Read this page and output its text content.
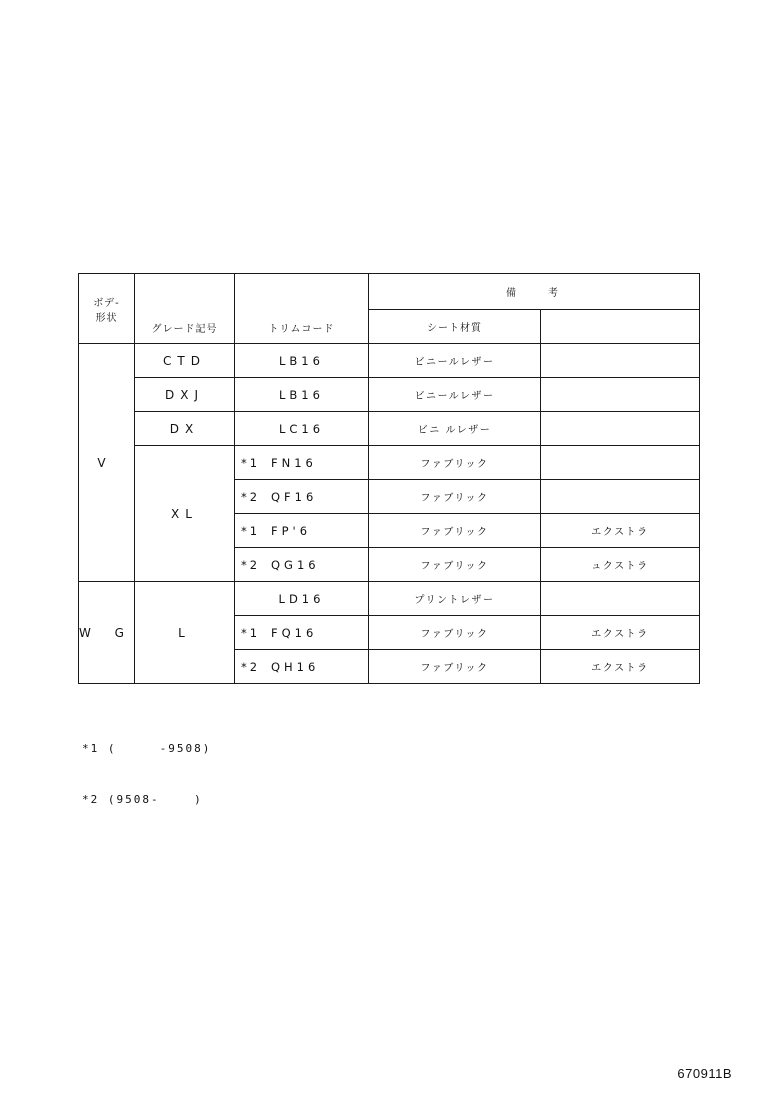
ボデ-
形状	グレード記号	トリムコード	備　　考	
			シート材質	
V	CTD	LB16	ビニールレザー	
	DXJ	LB16	ビニールレザー	
	DX	LC16	ビニ ルレザー	
	XL	*1 FN16	ファブリック	
		*2 QF16	ファブリック	
		*1 FP'6	ファブリック	エクストラ
		*2 QG16	ファブリック	ュクストラ
W G	L	LD16	プリントレザー	
		*1 FQ16	ファブリック	エクストラ
		*2 QH16	ファブリック	エクストラ

*1 (     -9508)

*2 (9508-    )

670911B
